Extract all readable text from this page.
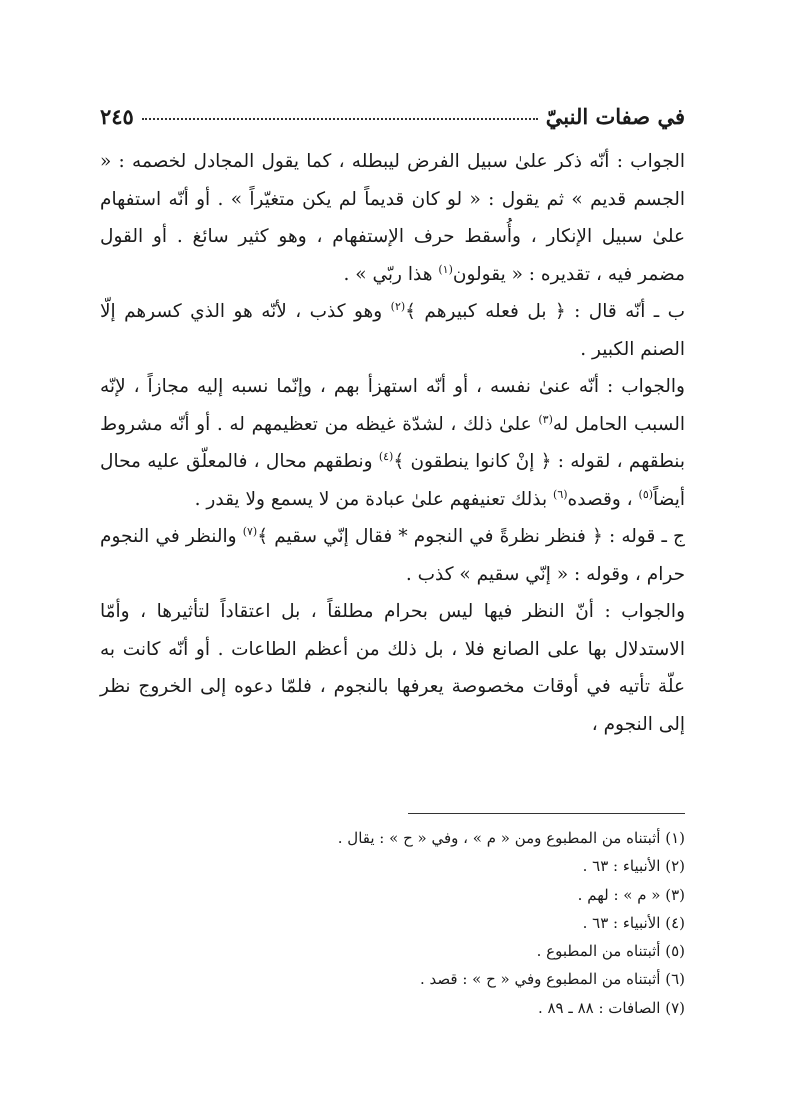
في صفات النبيّ
٢٤٥

الجواب : أنّه ذكر علىٰ سبيل الفرض ليبطله ، كما يقول المجادل لخصمه : « الجسم قديم » ثم يقول : « لو كان قديماً لم يكن متغيّراً » . أو أنّه استفهام علىٰ سبيل الإنكار ، وأُسقط حرف الإستفهام ، وهو كثير سائغ . أو القول مضمر فيه ، تقديره : « يقولون$^{(١)}$ هذا ربّي » .

ب ـ أنّه قال : ﴿ بل فعله كبيرهم ﴾$^{(٢)}$ وهو كذب ، لأنّه هو الذي كسرهم إلّا الصنم الكبير .

والجواب : أنّه عنىٰ نفسه ، أو أنّه استهزأ بهم ، وإنّما نسبه إليه مجازاً ، لإنّه السبب الحامل له$^{(٣)}$ علىٰ ذلك ، لشدّة غيظه من تعظيمهم له . أو أنّه مشروط بنطقهم ، لقوله : ﴿ إنْ كانوا ينطقون ﴾$^{(٤)}$ ونطقهم محال ، فالمعلّق عليه محال أيضاً$^{(٥)}$ ، وقصده$^{(٦)}$ بذلك تعنيفهم علىٰ عبادة من لا يسمع ولا يقدر .

ج ـ قوله : ﴿ فنظر نظرةً في النجوم * فقال إنّي سقيم ﴾$^{(٧)}$ والنظر في النجوم حرام ، وقوله : « إنّي سقيم » كذب .

والجواب : أنّ النظر فيها ليس بحرام مطلقاً ، بل اعتقاداً لتأثيرها ، وأمّا الاستدلال بها على الصانع فلا ، بل ذلك من أعظم الطاعات . أو أنّه كانت به علّة تأتيه في أوقات مخصوصة يعرفها بالنجوم ، فلمّا دعوه إلى الخروج نظر إلى النجوم ،

(١) أثبتناه من المطبوع ومن « م » ، وفي « ح » : يقال .
(٢) الأنبياء : ٦٣ .
(٣) « م » : لهم .
(٤) الأنبياء : ٦٣ .
(٥) أثبتناه من المطبوع .
(٦) أثبتناه من المطبوع وفي « ح » : قصد .
(٧) الصافات : ٨٨ ـ ٨٩ .
